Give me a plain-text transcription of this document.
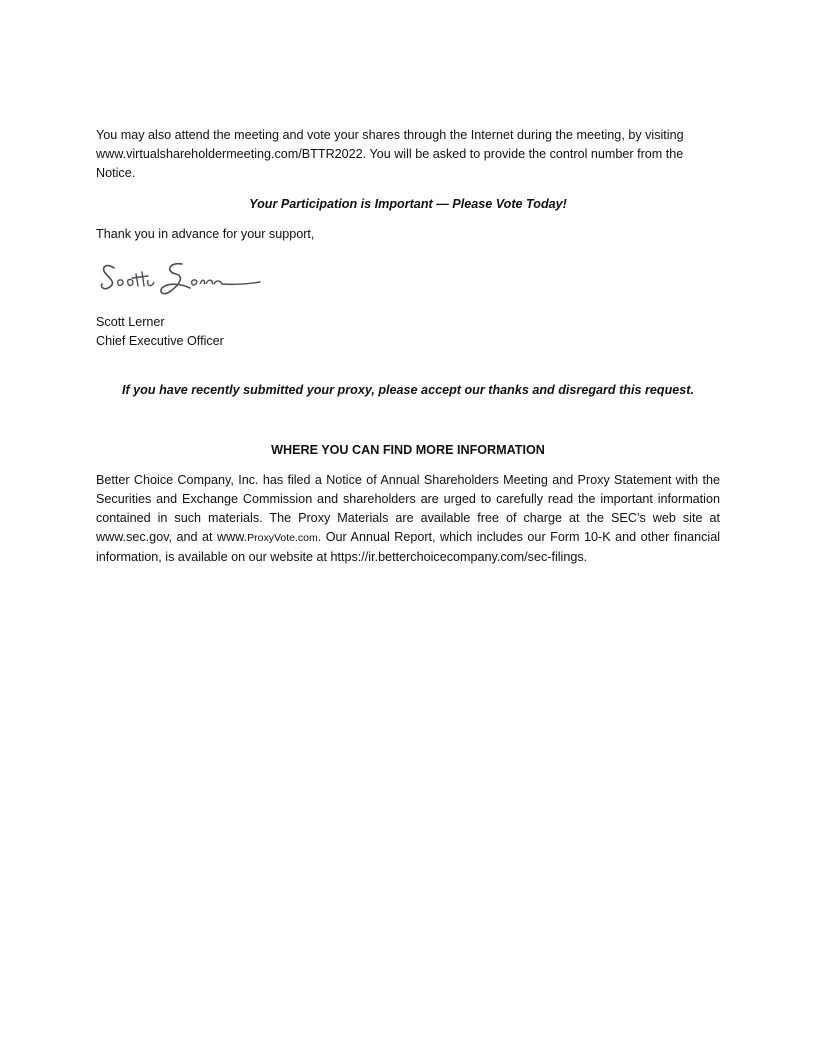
You may also attend the meeting and vote your shares through the Internet during the meeting, by visiting www.virtualshareholdermeeting.com/BTTR2022. You will be asked to provide the control number from the Notice.
Your Participation is Important — Please Vote Today!
Thank you in advance for your support,
Scott Lerner
Chief Executive Officer
If you have recently submitted your proxy, please accept our thanks and disregard this request.
WHERE YOU CAN FIND MORE INFORMATION
Better Choice Company, Inc. has filed a Notice of Annual Shareholders Meeting and Proxy Statement with the Securities and Exchange Commission and shareholders are urged to carefully read the important information contained in such materials. The Proxy Materials are available free of charge at the SEC’s web site at www.sec.gov, and at www.ProxyVote.com. Our Annual Report, which includes our Form 10-K and other financial information, is available on our website at https://ir.betterchoicecompany.com/sec-filings.
